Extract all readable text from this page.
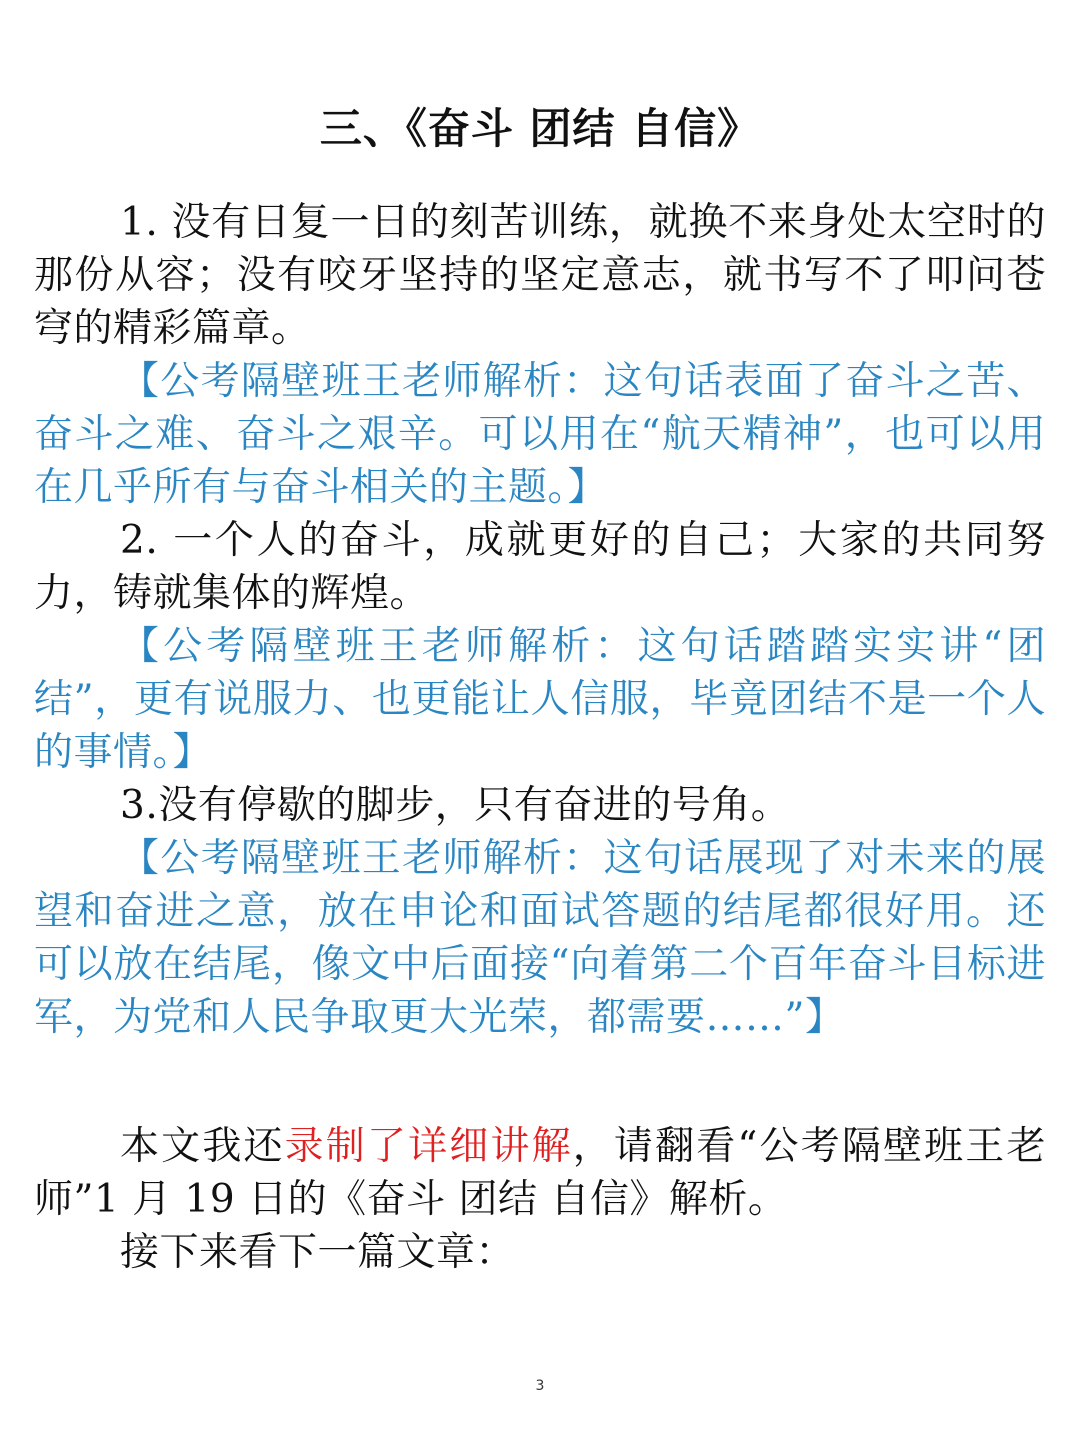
三、《奋斗 团结 自信》

1. 没有日复一日的刻苦训练，就换不来身处太空时的那份从容；没有咬牙坚持的坚定意志，就书写不了叩问苍穹的精彩篇章。

【公考隔壁班王老师解析：这句话表面了奋斗之苦、奋斗之难、奋斗之艰辛。可以用在“航天精神”，也可以用在几乎所有与奋斗相关的主题。】

2. 一个人的奋斗，成就更好的自己；大家的共同努力，铸就集体的辉煌。

【公考隔壁班王老师解析：这句话踏踏实实讲“团结”，更有说服力、也更能让人信服，毕竟团结不是一个人的事情。】

3.没有停歇的脚步，只有奋进的号角。

【公考隔壁班王老师解析：这句话展现了对未来的展望和奋进之意，放在申论和面试答题的结尾都很好用。还可以放在结尾，像文中后面接“向着第二个百年奋斗目标进军，为党和人民争取更大光荣，都需要……”】

本文我还录制了详细讲解，请翻看“公考隔壁班王老师”1 月 19 日的《奋斗 团结 自信》解析。

接下来看下一篇文章：

3
